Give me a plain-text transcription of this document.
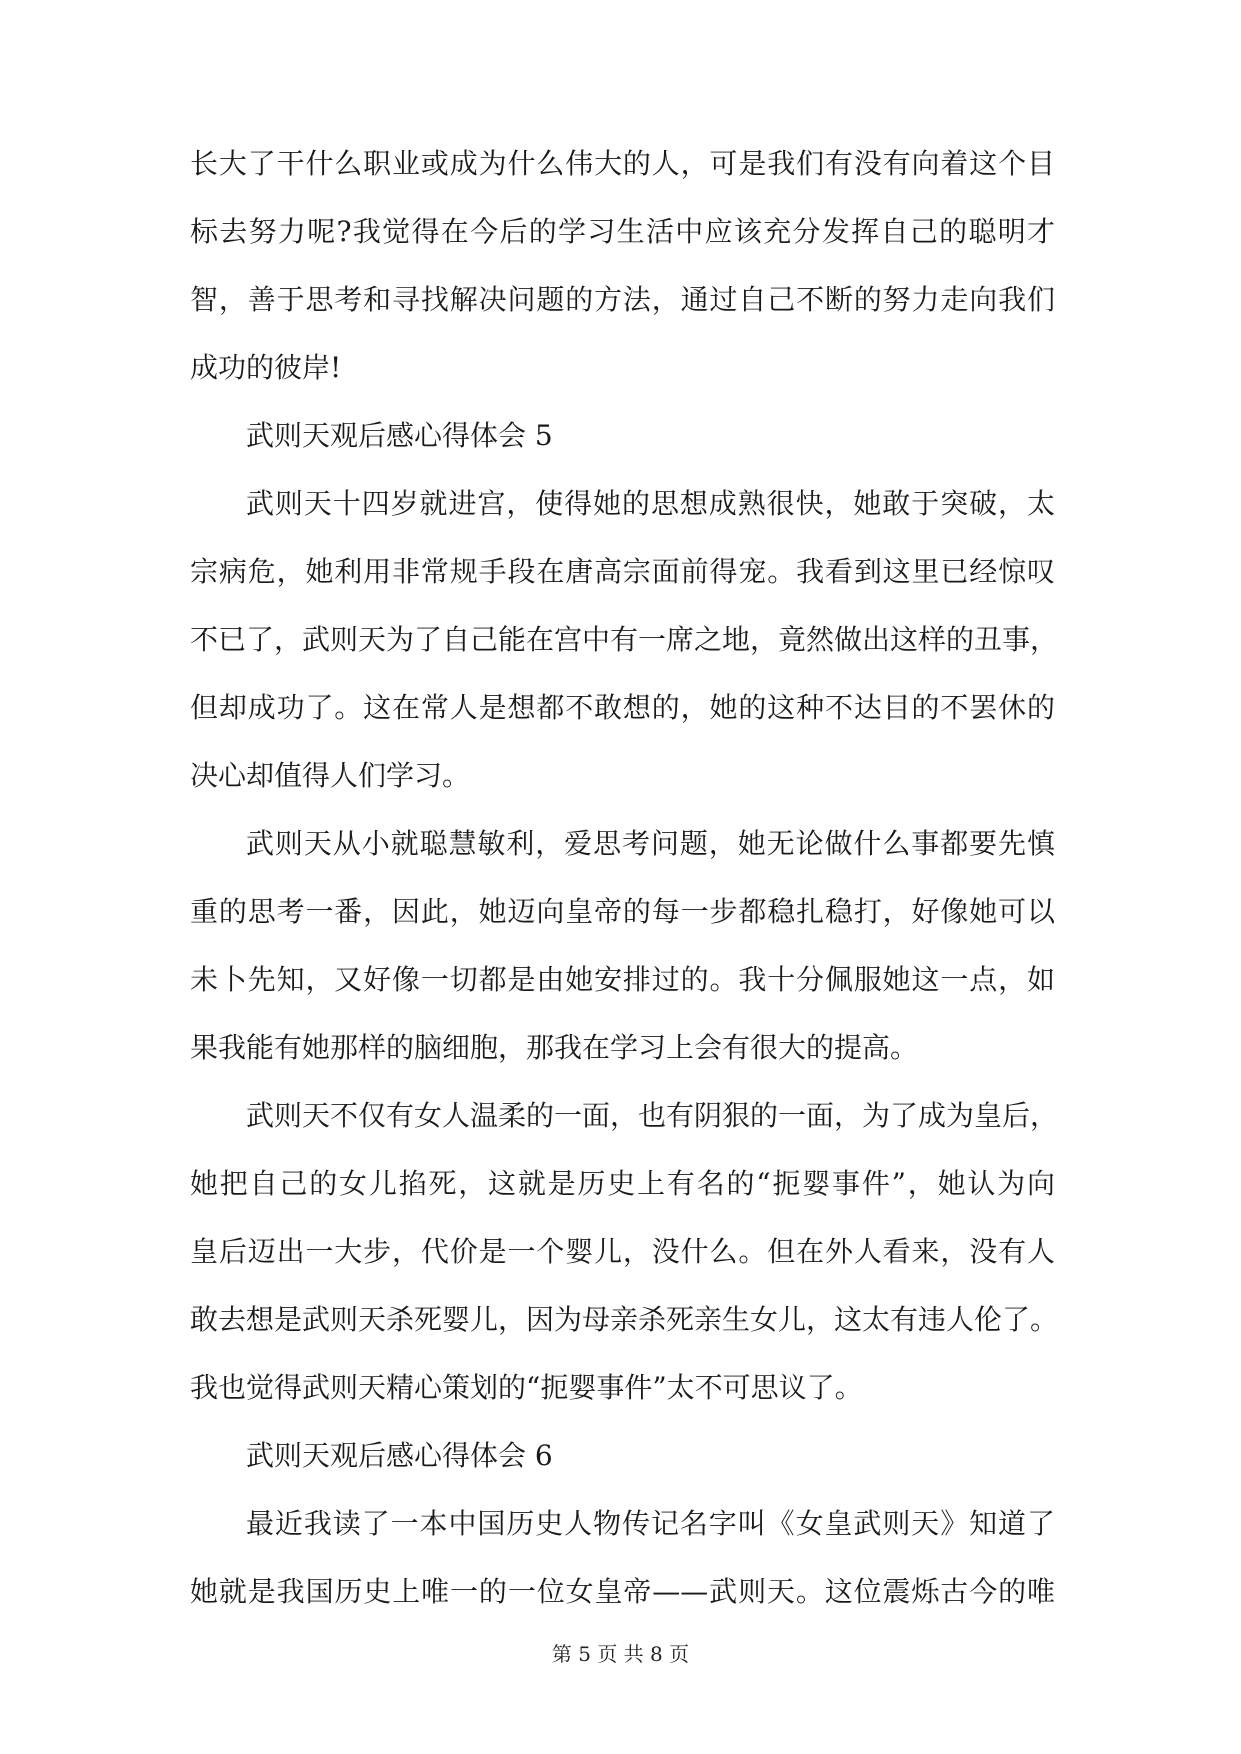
长大了干什么职业或成为什么伟大的人，可是我们有没有向着这个目
标去努力呢?我觉得在今后的学习生活中应该充分发挥自己的聪明才
智，善于思考和寻找解决问题的方法，通过自己不断的努力走向我们
成功的彼岸!
武则天观后感心得体会 5
武则天十四岁就进宫，使得她的思想成熟很快，她敢于突破，太
宗病危，她利用非常规手段在唐高宗面前得宠。我看到这里已经惊叹
不已了，武则天为了自己能在宫中有一席之地，竟然做出这样的丑事，
但却成功了。这在常人是想都不敢想的，她的这种不达目的不罢休的
决心却值得人们学习。
武则天从小就聪慧敏利，爱思考问题，她无论做什么事都要先慎
重的思考一番，因此，她迈向皇帝的每一步都稳扎稳打，好像她可以
未卜先知，又好像一切都是由她安排过的。我十分佩服她这一点，如
果我能有她那样的脑细胞，那我在学习上会有很大的提高。
武则天不仅有女人温柔的一面，也有阴狠的一面，为了成为皇后，
她把自己的女儿掐死，这就是历史上有名的“扼婴事件”，她认为向
皇后迈出一大步，代价是一个婴儿，没什么。但在外人看来，没有人
敢去想是武则天杀死婴儿，因为母亲杀死亲生女儿，这太有违人伦了。
我也觉得武则天精心策划的“扼婴事件”太不可思议了。
武则天观后感心得体会 6
最近我读了一本中国历史人物传记名字叫《女皇武则天》知道了
她就是我国历史上唯一的一位女皇帝——武则天。这位震烁古今的唯
第 5 页 共 8 页
